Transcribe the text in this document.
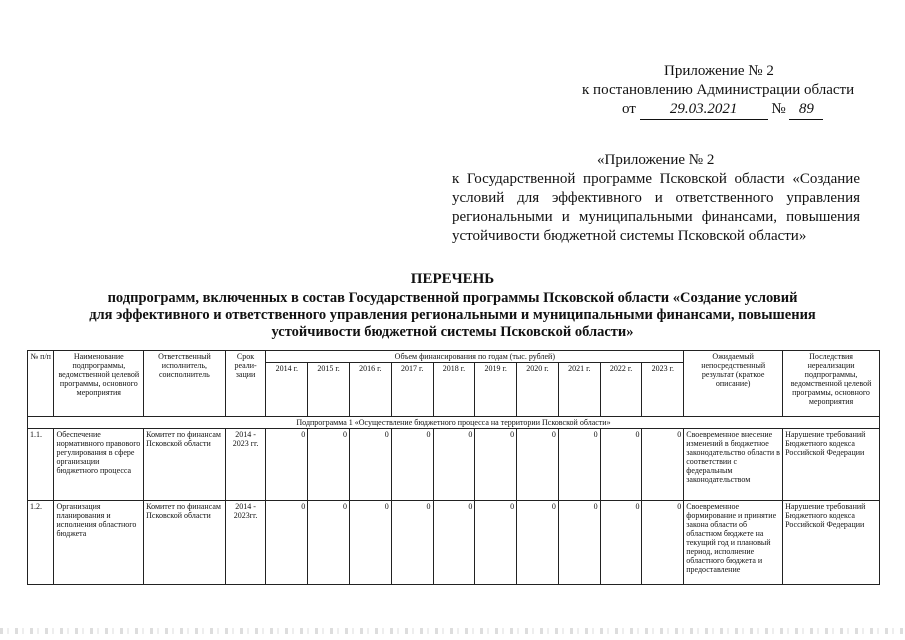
Приложение № 2
к постановлению Администрации области
от 29.03.2021 № 89
«Приложение № 2
к Государственной программе Псковской области «Создание условий для эффективного и ответственного управления региональными и муниципальными финансами, повышения устойчивости бюджетной системы Псковской области»
ПЕРЕЧЕНЬ
подпрограмм, включенных в состав Государственной программы Псковской области «Создание условий
для эффективного и ответственного управления региональными и муниципальными финансами, повышения
устойчивости бюджетной системы Псковской области»
№ п/п	Наименование подпрограммы, ведомственной целевой программы, основного мероприятия	Ответственный исполнитель, соисполнитель	Срок реали-зации	Объем финансирования по годам (тыс. рублей)										Ожидаемый непосредственный результат (краткое описание)	Последствия нереализации подпрограммы, ведомственной целевой программы, основного мероприятия
				2014 г.	2015 г.	2016 г.	2017 г.	2018 г.	2019 г.	2020 г.	2021 г.	2022 г.	2023 г.		
Подпрограмма 1 «Осуществление бюджетного процесса на территории Псковской области»															
1.1.	Обеспечение нормативного правового регулирования в сфере организации бюджетного процесса	Комитет по финансам Псковской области	2014 - 2023 гг.	0	0	0	0	0	0	0	0	0	0	Своевременное внесение изменений в бюджетное законодательство области в соответствии с федеральным законодательством	Нарушение требований Бюджетного кодекса Российской Федерации
1.2.	Организация планирования и исполнения областного бюджета	Комитет по финансам Псковской области	2014 - 2023гг.	0	0	0	0	0	0	0	0	0	0	Своевременное формирование и принятие закона области об областном бюджете на текущий год и плановый период, исполнение областного бюджета и предоставление	Нарушение требований Бюджетного кодекса Российской Федерации
